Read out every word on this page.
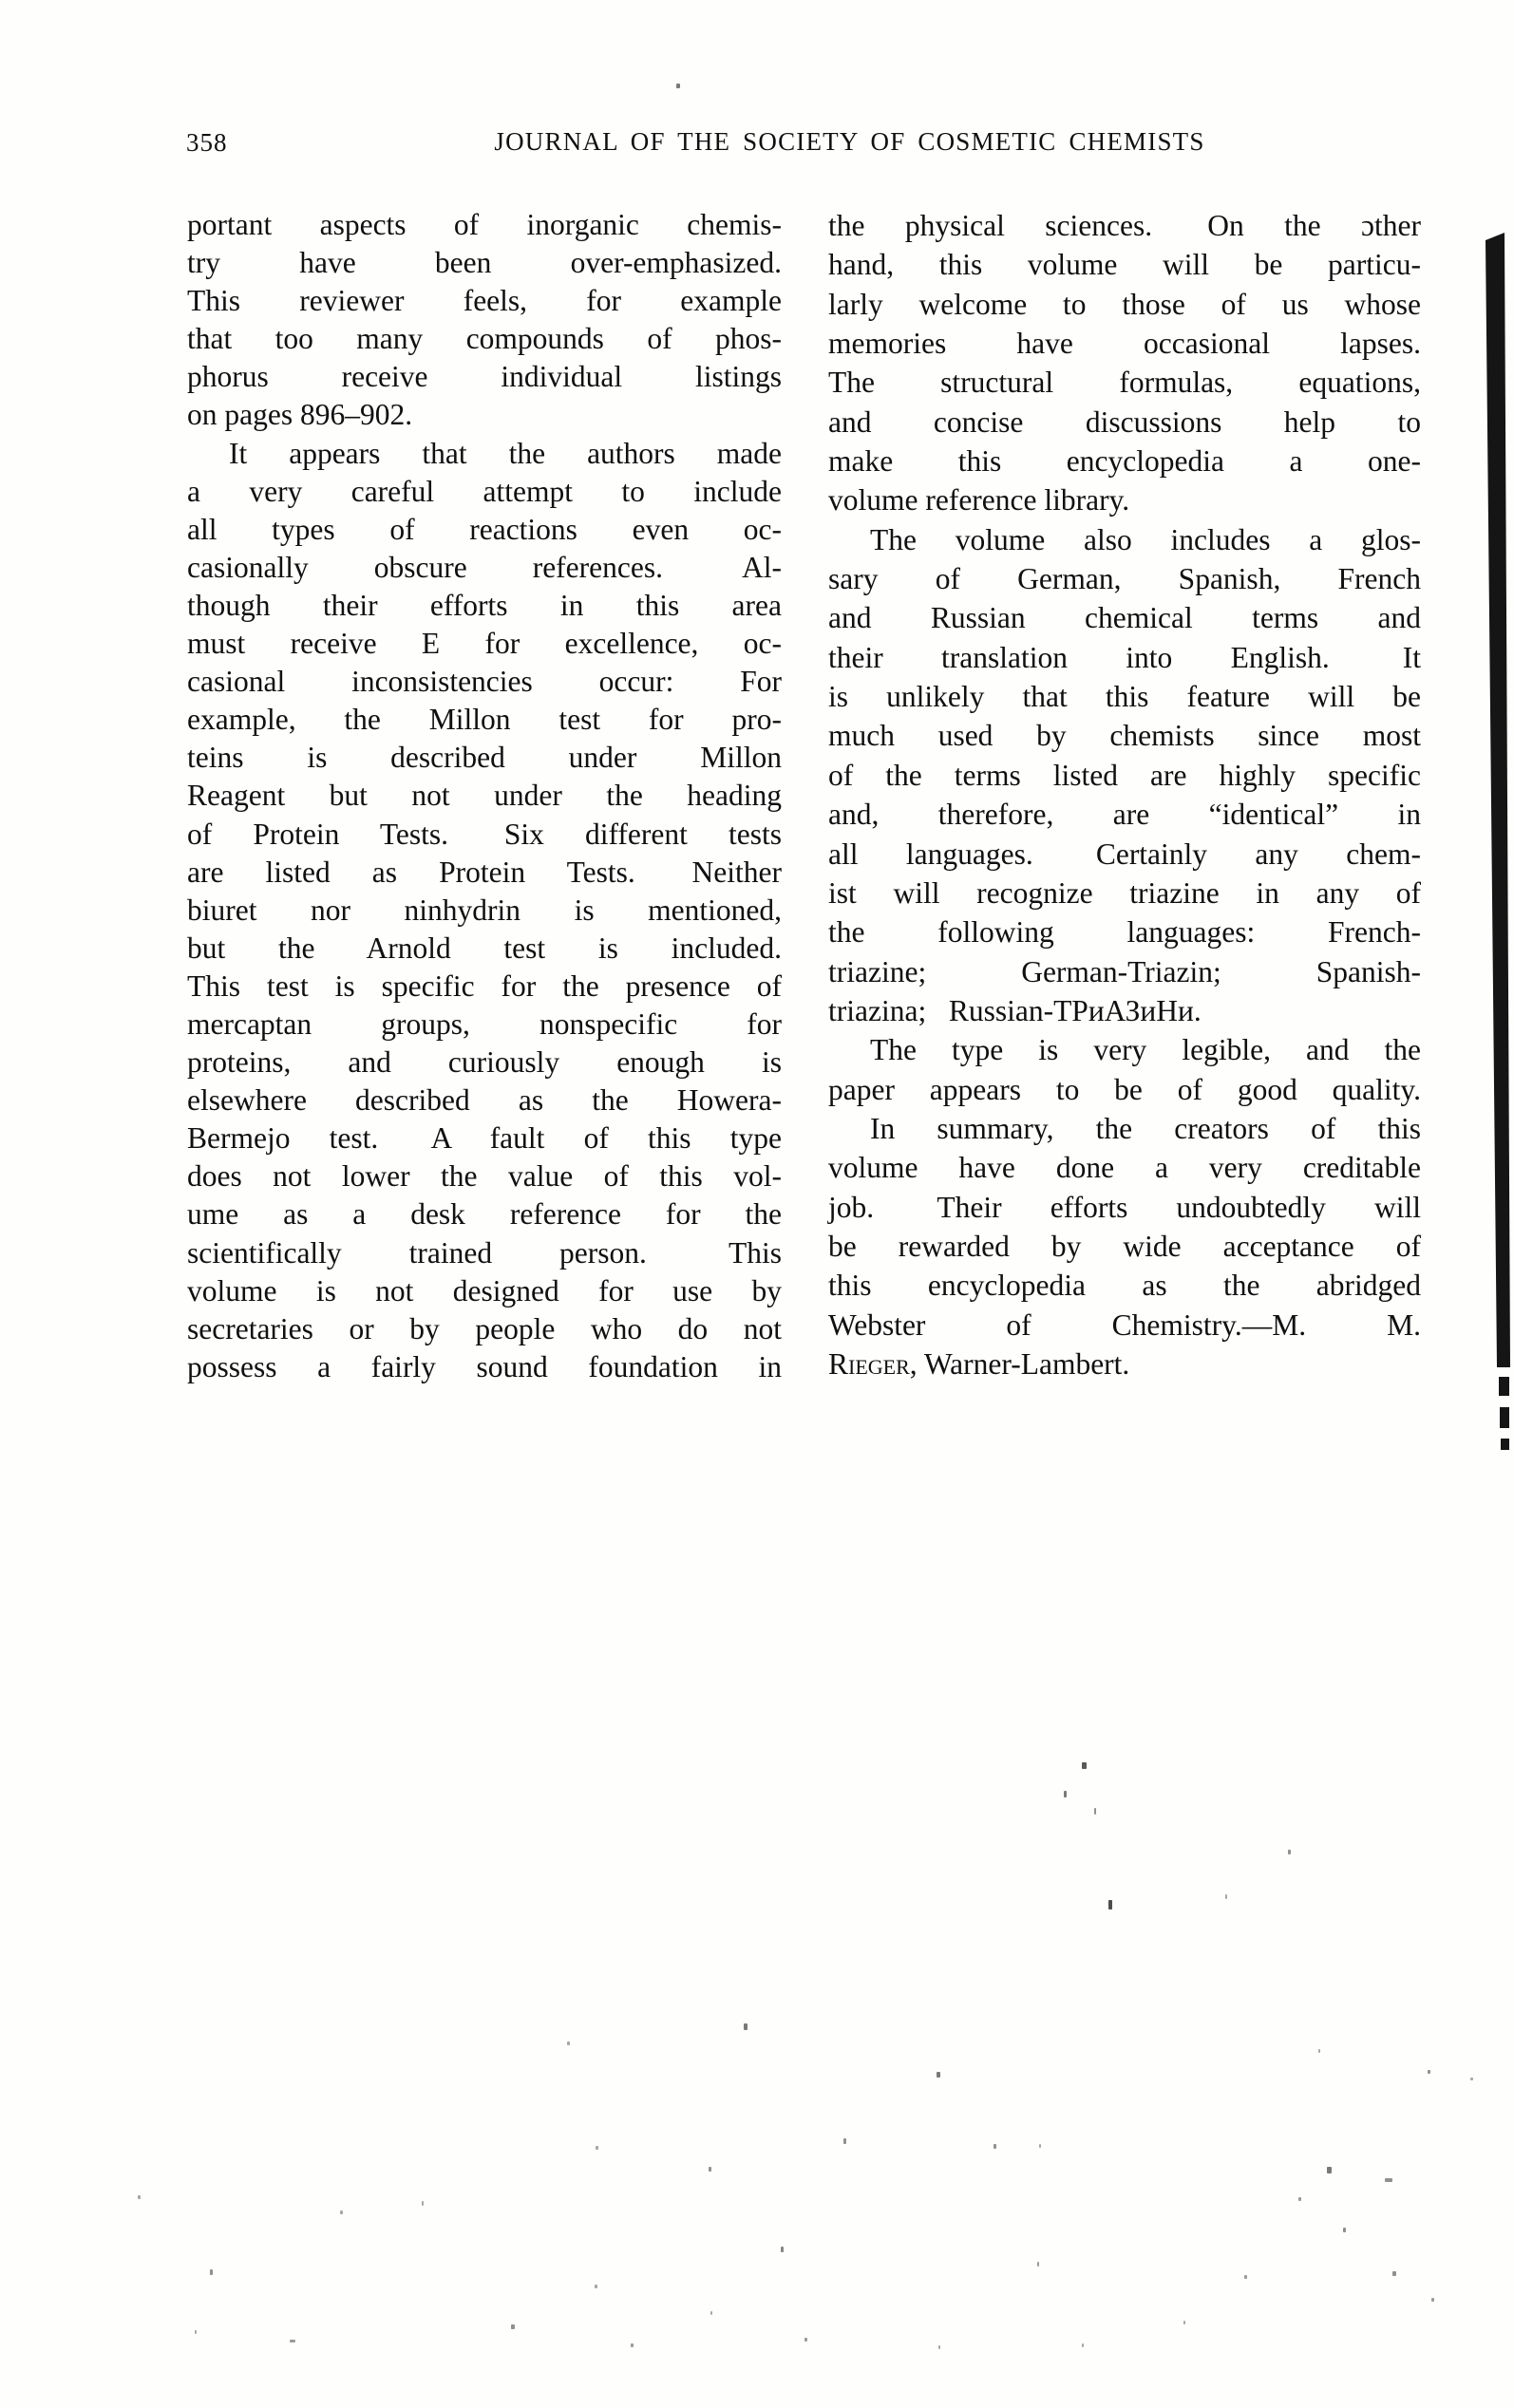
358	JOURNAL OF THE SOCIETY OF COSMETIC CHEMISTS
portant aspects of inorganic chemis-
try have been over-emphasized.
This reviewer feels, for example
that too many compounds of phos-
phorus receive individual listings
on pages 896–902.
It appears that the authors made
a very careful attempt to include
all types of reactions even oc-
casionally obscure references.  Al-
though their efforts in this area
must receive E for excellence, oc-
casional inconsistencies occur: For
example, the Millon test for pro-
teins is described under Millon
Reagent but not under the heading
of Protein Tests.  Six different tests
are listed as Protein Tests.  Neither
biuret nor ninhydrin is mentioned,
but the Arnold test is included.
This test is specific for the presence of
mercaptan groups, nonspecific for
proteins, and curiously enough is
elsewhere described as the Howera-
Bermejo test.  A fault of this type
does not lower the value of this vol-
ume as a desk reference for the
scientifically trained person.  This
volume is not designed for use by
secretaries or by people who do not
possess a fairly sound foundation in
the physical sciences.  On the ɔther
hand, this volume will be particu-
larly welcome to those of us whose
memories have occasional lapses.
The structural formulas, equations,
and concise discussions help to
make this encyclopedia a one-
volume reference library.
The volume also includes a glos-
sary of German, Spanish, French
and Russian chemical terms and
their translation into English.  It
is unlikely that this feature will be
much used by chemists since most
of the terms listed are highly specific
and, therefore, are “identical” in
all languages.  Certainly any chem-
ist will recognize triazine in any of
the following languages: French-
triazine; German-Triazin; Spanish-
triazina;  Russian-ТРиАЗиНи.
The type is very legible, and the
paper appears to be of good quality.
In summary, the creators of this
volume have done a very creditable
job.  Their efforts undoubtedly will
be rewarded by wide acceptance of
this encyclopedia as the abridged
Webster of Chemistry.—M. M.
Rieger, Warner-Lambert.
